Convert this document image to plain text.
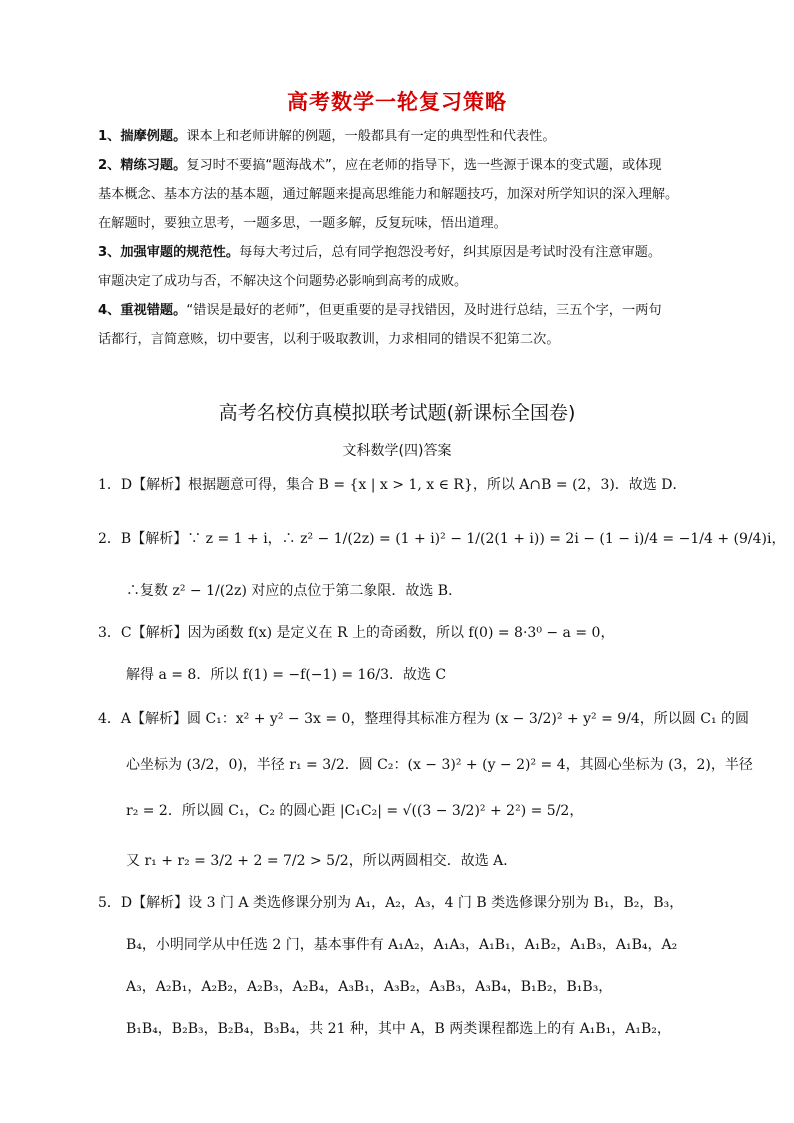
高考数学一轮复习策略

1、揣摩例题。课本上和老师讲解的例题，一般都具有一定的典型性和代表性。

2、精练习题。复习时不要搞“题海战术”，应在老师的指导下，选一些源于课本的变式题，或体现

基本概念、基本方法的基本题，通过解题来提高思维能力和解题技巧，加深对所学知识的深入理解。

在解题时，要独立思考，一题多思，一题多解，反复玩味，悟出道理。

3、加强审题的规范性。每每大考过后，总有同学抱怨没考好，纠其原因是考试时没有注意审题。

审题决定了成功与否，不解决这个问题势必影响到高考的成败。

4、重视错题。“错误是最好的老师”，但更重要的是寻找错因，及时进行总结，三五个字，一两句

话都行，言简意赅，切中要害，以利于吸取教训，力求相同的错误不犯第二次。

高考名校仿真模拟联考试题(新课标全国卷)
文科数学(四)答案
1．D【解析】根据题意可得，集合 B = {x | x > 1, x ∈ R}，所以 A∩B = (2，3)．故选 D．
2．B【解析】∵ z = 1 + i，∴ z² − 1/(2z) = (1 + i)² − 1/(2(1 + i)) = 2i − (1 − i)/4 = −1/4 + (9/4)i，
∴复数 z² − 1/(2z) 对应的点位于第二象限．故选 B．
3．C【解析】因为函数 f(x) 是定义在 R 上的奇函数，所以 f(0) = 8·3⁰ − a = 0，
解得 a = 8．所以 f(1) = −f(−1) = 16/3．故选 C
4．A【解析】圆 C₁：x² + y² − 3x = 0，整理得其标准方程为 (x − 3/2)² + y² = 9/4，所以圆 C₁ 的圆
心坐标为 (3/2，0)，半径 r₁ = 3/2．圆 C₂：(x − 3)² + (y − 2)² = 4，其圆心坐标为 (3，2)，半径
r₂ = 2．所以圆 C₁，C₂ 的圆心距 |C₁C₂| = √((3 − 3/2)² + 2²) = 5/2，
又 r₁ + r₂ = 3/2 + 2 = 7/2 > 5/2，所以两圆相交．故选 A．
5．D【解析】设 3 门 A 类选修课分别为 A₁，A₂，A₃，4 门 B 类选修课分别为 B₁，B₂，B₃，
B₄，小明同学从中任选 2 门，基本事件有 A₁A₂，A₁A₃，A₁B₁，A₁B₂，A₁B₃，A₁B₄，A₂
A₃，A₂B₁，A₂B₂，A₂B₃，A₂B₄，A₃B₁，A₃B₂，A₃B₃，A₃B₄，B₁B₂，B₁B₃，
B₁B₄，B₂B₃，B₂B₄，B₃B₄，共 21 种，其中 A，B 两类课程都选上的有 A₁B₁，A₁B₂，
